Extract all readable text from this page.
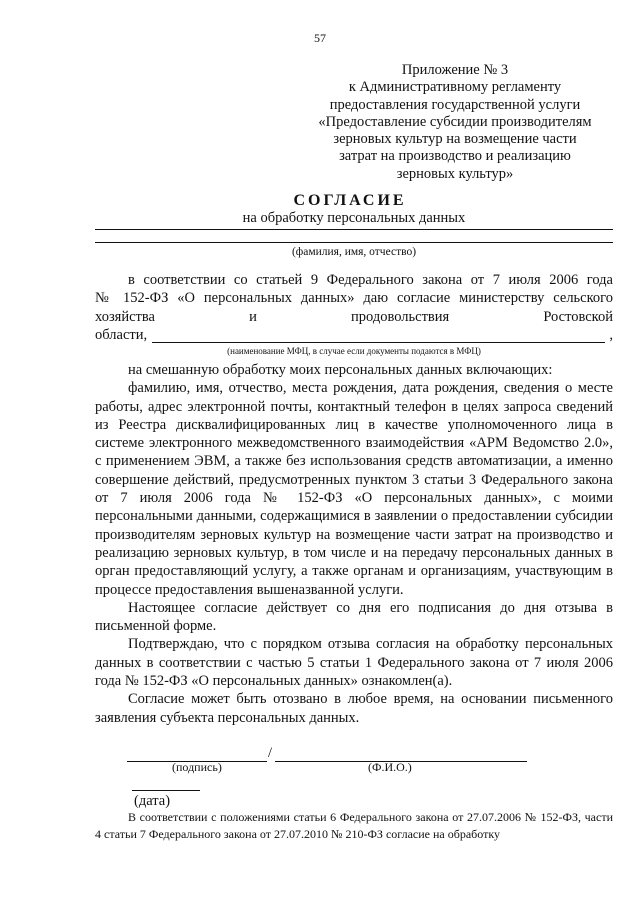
57
Приложение № 3
к Административному регламенту
предоставления государственной услуги
«Предоставление субсидии производителям
зерновых культур на возмещение части
затрат на производство и реализацию
зерновых культур»
СОГЛАСИЕ
на обработку персональных данных
(фамилия, имя, отчество)
в соответствии со статьей 9 Федерального закона от 7 июля 2006 года
№ 152-ФЗ «О персональных данных» даю согласие министерству сельского
хозяйства и продовольствия Ростовской
области,	,
(наименование МФЦ, в случае если документы подаются в МФЦ)

на смешанную обработку моих персональных данных включающих:

фамилию, имя, отчество, места рождения, дата рождения, сведения о месте работы, адрес электронной почты, контактный телефон в целях запроса сведений из Реестра дисквалифицированных лиц в качестве уполномоченного лица в системе электронного межведомственного взаимодействия «АРМ Ведомство 2.0», с применением ЭВМ, а также без использования средств автоматизации, а именно совершение действий, предусмотренных пунктом 3 статьи 3 Федерального закона от 7 июля 2006 года № 152-ФЗ «О персональных данных», с моими персональными данными, содержащимися в заявлении о предоставлении субсидии производителям зерновых культур на возмещение части затрат на производство и реализацию зерновых культур, в том числе и на передачу персональных данных в орган предоставляющий услугу, а также органам и организациям, участвующим в процессе предоставления вышеназванной услуги.

Настоящее согласие действует со дня его подписания до дня отзыва в письменной форме.

Подтверждаю, что с порядком отзыва согласия на обработку персональных данных в соответствии с частью 5 статьи 1 Федерального закона от 7 июля 2006 года № 152-ФЗ «О персональных данных» ознакомлен(а).

Согласие может быть отозвано в любое время, на основании письменного заявления субъекта персональных данных.

/
(подпись)	(Ф.И.О.)
(дата)
В соответствии с положениями статьи 6 Федерального закона от 27.07.2006 № 152-ФЗ, части 4 статьи 7 Федерального закона от 27.07.2010 № 210-ФЗ согласие на обработку
